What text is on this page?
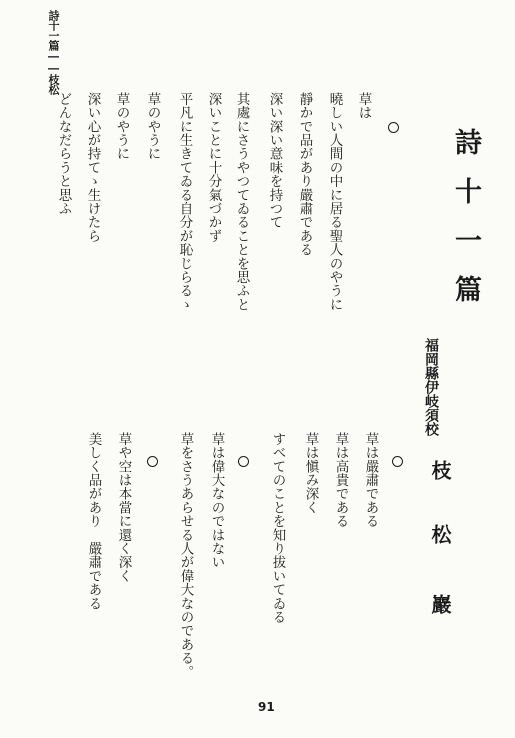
詩十一篇――枝松
詩十一篇
福岡縣伊岐須校
枝
松
巖
草は
曉しい人間の中に居る聖人のやうに
靜かで品があり嚴肅である
深い深い意味を持つて
其處にさうやつてゐることを思ふと
深いことに十分氣づかず
平凡に生きてゐる自分が恥じらるゝ
草のやうに
草のやうに
深い心が持てゝ生けたら
どんなだらうと思ふ
草は嚴肅である
草は高貴である
草は愼み深く
すべてのことを知り拔いてゐる
草は偉大なのではない
草をさうあらせる人が偉大なのである。
草や空は本當に還く深く
美しく品があり　嚴肅である
91
